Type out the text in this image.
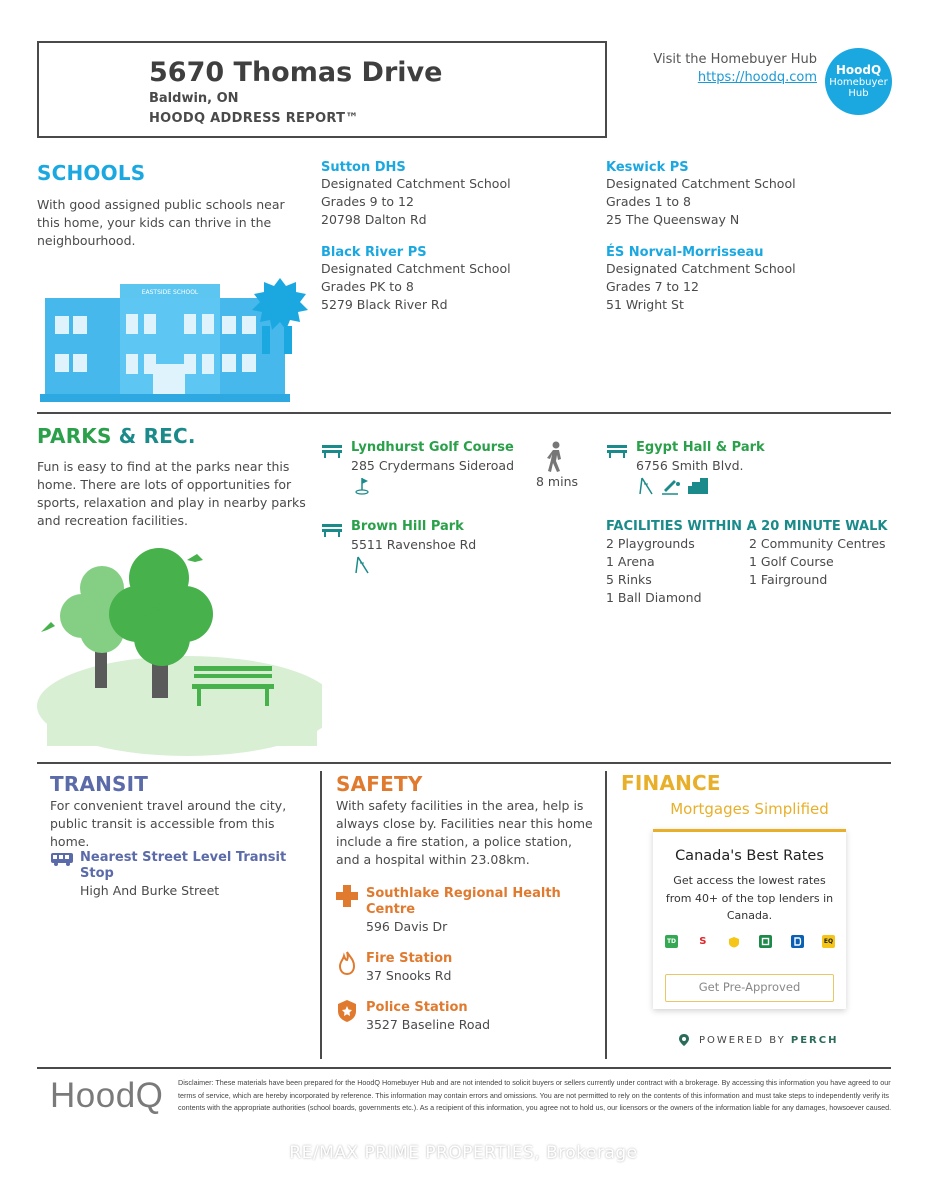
5670 Thomas Drive
Baldwin, ON
HOODQ ADDRESS REPORT™
Visit the Homebuyer Hub
https://hoodq.com HoodQ
Homebuyer Hub
SCHOOLS
With good assigned public schools near this home, your kids can thrive in the neighbourhood.
EASTSIDE SCHOOL
Sutton DHS
Designated Catchment School
Grades 9 to 12
20798 Dalton Rd
Keswick PS
Designated Catchment School
Grades 1 to 8
25 The Queensway N
Black River PS
Designated Catchment School
Grades PK to 8
5279 Black River Rd
ÉS Norval-Morrisseau
Designated Catchment School
Grades 7 to 12
51 Wright St
PARKS & REC.
Fun is easy to find at the parks near this home. There are lots of opportunities for sports, relaxation and play in nearby parks and recreation facilities.
Lyndhurst Golf Course
285 Crydermans Sideroad
8 mins
Egypt Hall & Park
6756 Smith Blvd.
Brown Hill Park
5511 Ravenshoe Rd
FACILITIES WITHIN A 20 MINUTE WALK
2 Playgrounds
1 Arena
5 Rinks
1 Ball Diamond
2 Community Centres
1 Golf Course
1 Fairground
TRANSIT
For convenient travel around the city, public transit is accessible from this home.
Nearest Street Level Transit Stop
High And Burke Street
SAFETY
With safety facilities in the area, help is always close by. Facilities near this home include a fire station, a police station, and a hospital within 23.08km.
Southlake Regional Health Centre
596 Davis Dr
Fire Station
37 Snooks Rd
Police Station
3527 Baseline Road
FINANCE
Mortgages Simplified
Canada's Best Rates
Get access the lowest rates from 40+ of the top lenders in Canada.
TD S	EQ
Get Pre-Approved
POWERED BY PERCH
HoodQ Disclaimer: These materials have been prepared for the HoodQ Homebuyer Hub and are not intended to solicit buyers or sellers currently under contract with a brokerage. By accessing this information you have agreed to our terms of service, which are hereby incorporated by reference. This information may contain errors and omissions. You are not permitted to rely on the contents of this information and must take steps to independently verify its contents with the appropriate authorities (school boards, governments etc.). As a recipient of this information, you agree not to hold us, our licensors or the owners of the information liable for any damages, howsoever caused.
RE/MAX PRIME PROPERTIES, Brokerage
